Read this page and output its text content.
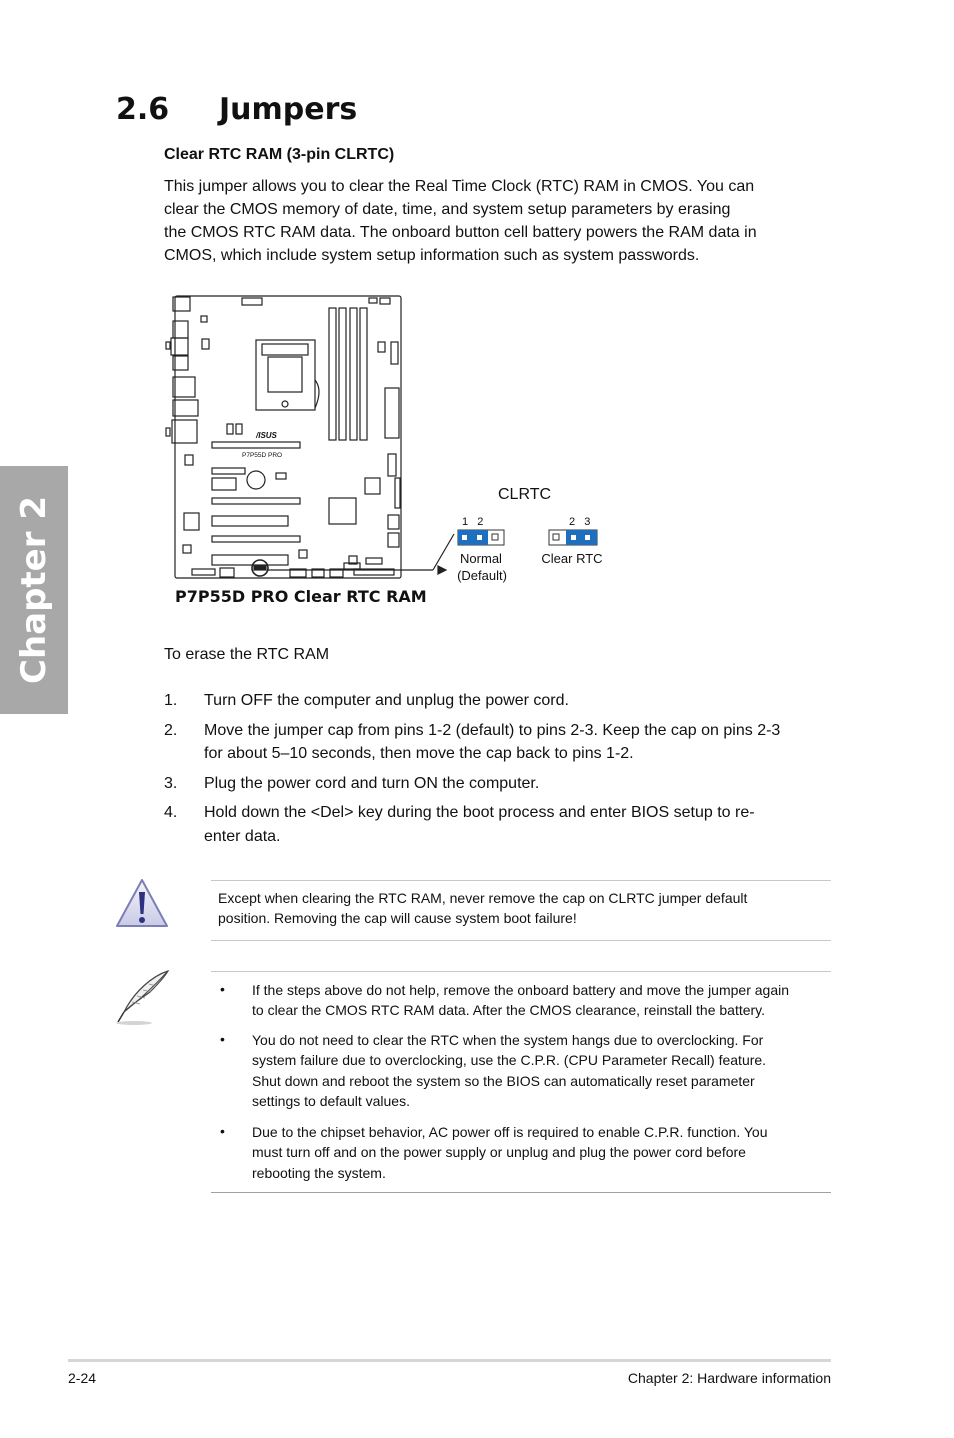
Chapter 2
2.6 Jumpers
Clear RTC RAM (3-pin CLRTC)
This jumper allows you to clear the Real Time Clock (RTC) RAM in CMOS. You can
clear the CMOS memory of date, time, and system setup parameters by erasing
the CMOS RTC RAM data. The onboard button cell battery powers the RAM data in
CMOS, which include system setup information such as system passwords.
/ISUS
P7P55D PRO
CLRTC
1   2
Normal
(Default)
2   3
Clear RTC
P7P55D PRO Clear RTC RAM
To erase the RTC RAM
1.	Turn OFF the computer and unplug the power cord.
2.	Move the jumper cap from pins 1-2 (default) to pins 2-3. Keep the cap on pins 2-3
for about 5–10 seconds, then move the cap back to pins 1-2.
3.	Plug the power cord and turn ON the computer.
4.	Hold down the <Del> key during the boot process and enter BIOS setup to re-
enter data.
Except when clearing the RTC RAM, never remove the cap on CLRTC jumper default
position. Removing the cap will cause system boot failure!
• If the steps above do not help, remove the onboard battery and move the jumper again
to clear the CMOS RTC RAM data. After the CMOS clearance, reinstall the battery.
• You do not need to clear the RTC when the system hangs due to overclocking. For
system failure due to overclocking, use the C.P.R. (CPU Parameter Recall) feature.
Shut down and reboot the system so the BIOS can automatically reset parameter
settings to default values.
• Due to the chipset behavior, AC power off is required to enable C.P.R. function. You
must turn off and on the power supply or unplug and plug the power cord before
rebooting the system.
2-24	Chapter 2: Hardware information
